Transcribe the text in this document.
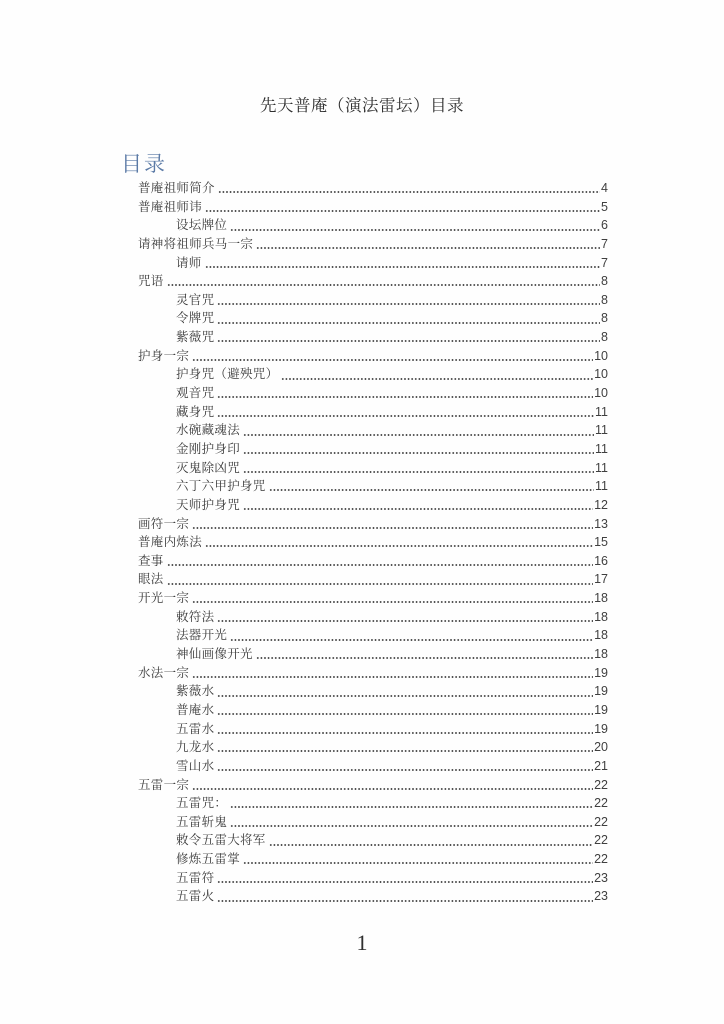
先天普庵（演法雷坛）目录
目录
普庵祖师简介	4
普庵祖师讳	5
设坛牌位	6
请神将祖师兵马一宗	7
请师	7
咒语	8
灵官咒	8
令牌咒	8
紫薇咒	8
护身一宗	10
护身咒（避殃咒）	10
观音咒	10
藏身咒	11
水碗藏魂法	11
金刚护身印	11
灭鬼除凶咒	11
六丁六甲护身咒	11
天师护身咒	12
画符一宗	13
普庵内炼法	15
查事	16
眼法	17
开光一宗	18
敕符法	18
法器开光	18
神仙画像开光	18
水法一宗	19
紫薇水	19
普庵水	19
五雷水	19
九龙水	20
雪山水	21
五雷一宗	22
五雷咒：	22
五雷斩鬼	22
敕令五雷大将军	22
修炼五雷掌	22
五雷符	23
五雷火	23
1
